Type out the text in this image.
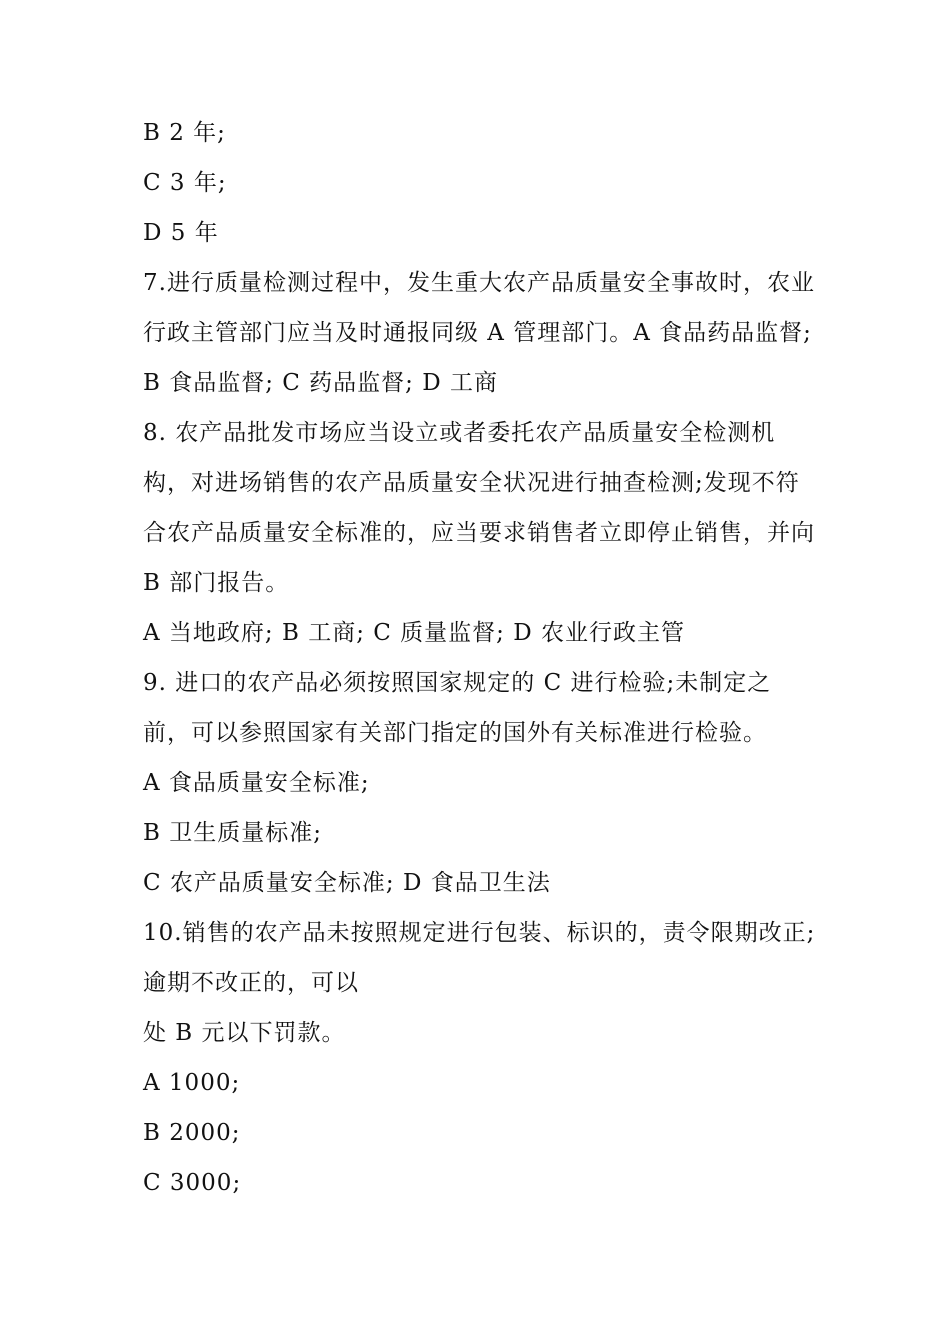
B 2 年;
C 3 年;
D 5 年
7.进行质量检测过程中，发生重大农产品质量安全事故时，农业
行政主管部门应当及时通报同级 A 管理部门。A 食品药品监督;
B 食品监督; C 药品监督; D 工商
8. 农产品批发市场应当设立或者委托农产品质量安全检测机
构，对进场销售的农产品质量安全状况进行抽查检测;发现不符
合农产品质量安全标准的，应当要求销售者立即停止销售，并向
B 部门报告。
A 当地政府; B 工商; C 质量监督; D 农业行政主管
9. 进口的农产品必须按照国家规定的 C 进行检验;未制定之
前，可以参照国家有关部门指定的国外有关标准进行检验。
A 食品质量安全标准;
B 卫生质量标准;
C 农产品质量安全标准; D 食品卫生法
10.销售的农产品未按照规定进行包装、标识的，责令限期改正;
逾期不改正的，可以
处 B 元以下罚款。
A 1000;
B 2000;
C 3000;
